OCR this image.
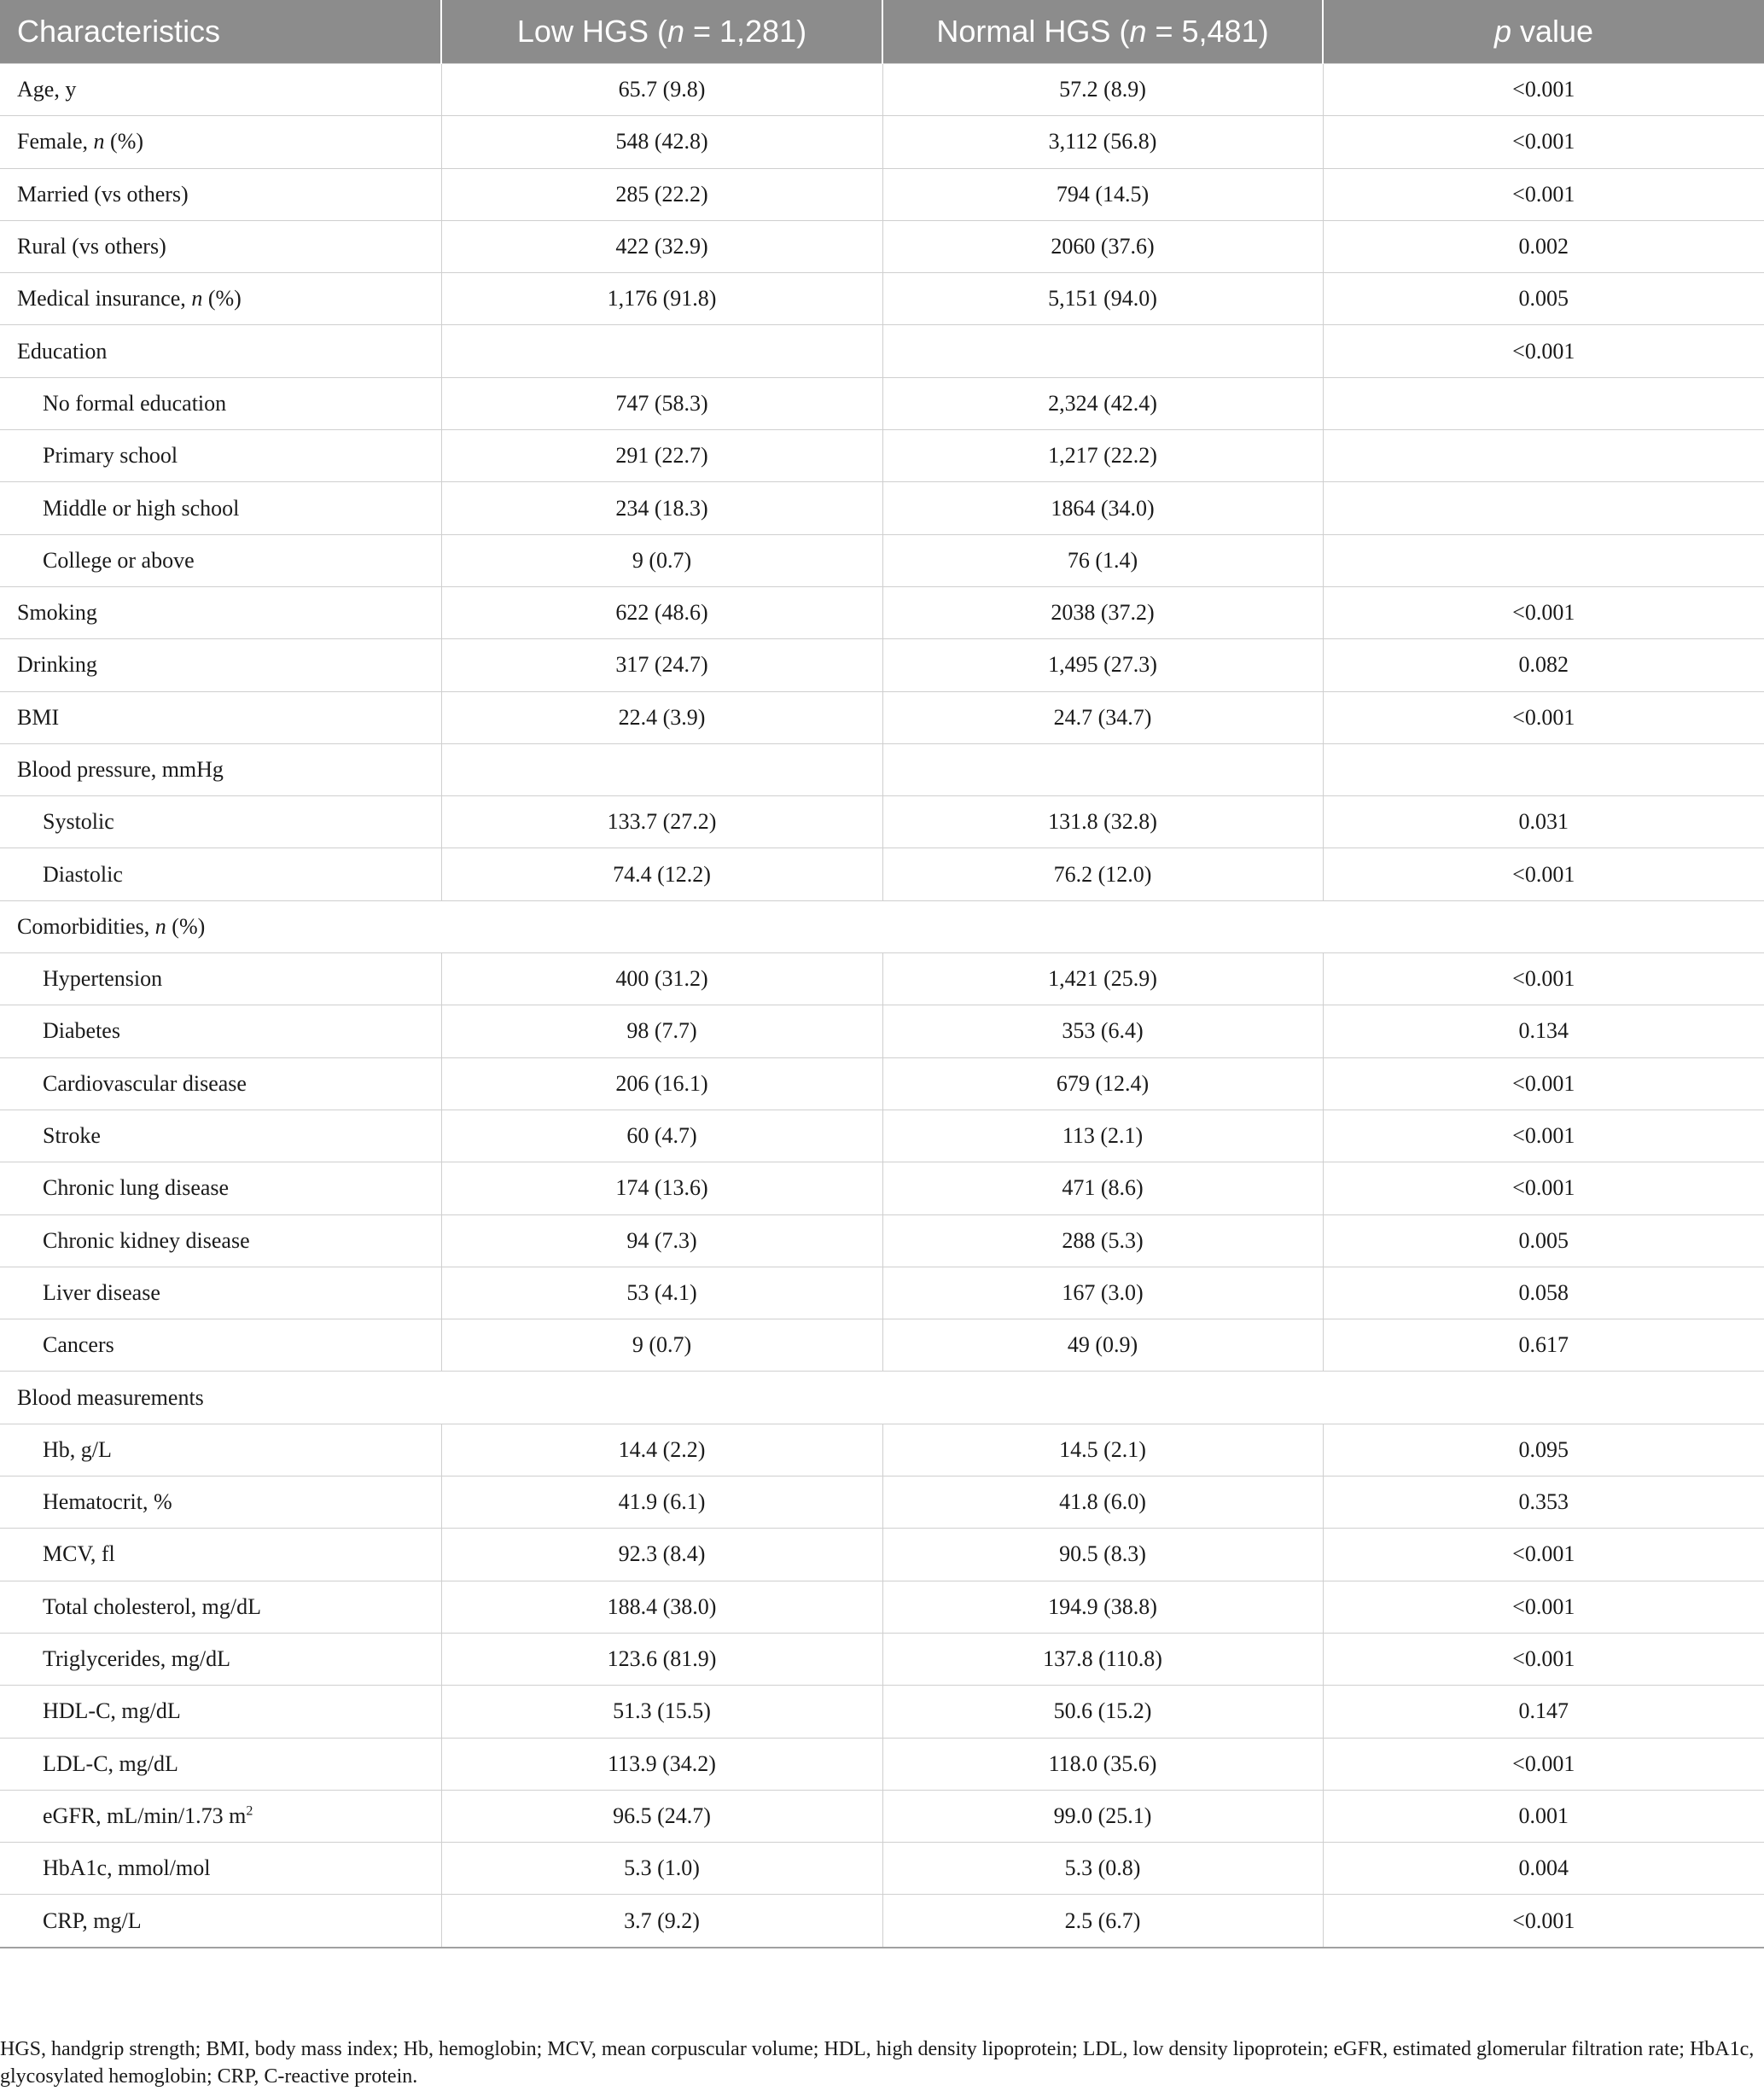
Characteristics	Low HGS (n = 1,281)	Normal HGS (n = 5,481)	p value
Age, y	65.7 (9.8)	57.2 (8.9)	<0.001
Female, n (%)	548 (42.8)	3,112 (56.8)	<0.001
Married (vs others)	285 (22.2)	794 (14.5)	<0.001
Rural (vs others)	422 (32.9)	2060 (37.6)	0.002
Medical insurance, n (%)	1,176 (91.8)	5,151 (94.0)	0.005
Education			<0.001
No formal education	747 (58.3)	2,324 (42.4)	
Primary school	291 (22.7)	1,217 (22.2)	
Middle or high school	234 (18.3)	1864 (34.0)	
College or above	9 (0.7)	76 (1.4)	
Smoking	622 (48.6)	2038 (37.2)	<0.001
Drinking	317 (24.7)	1,495 (27.3)	0.082
BMI	22.4 (3.9)	24.7 (34.7)	<0.001
Blood pressure, mmHg			
Systolic	133.7 (27.2)	131.8 (32.8)	0.031
Diastolic	74.4 (12.2)	76.2 (12.0)	<0.001
Comorbidities, n (%)			
Hypertension	400 (31.2)	1,421 (25.9)	<0.001
Diabetes	98 (7.7)	353 (6.4)	0.134
Cardiovascular disease	206 (16.1)	679 (12.4)	<0.001
Stroke	60 (4.7)	113 (2.1)	<0.001
Chronic lung disease	174 (13.6)	471 (8.6)	<0.001
Chronic kidney disease	94 (7.3)	288 (5.3)	0.005
Liver disease	53 (4.1)	167 (3.0)	0.058
Cancers	9 (0.7)	49 (0.9)	0.617
Blood measurements			
Hb, g/L	14.4 (2.2)	14.5 (2.1)	0.095
Hematocrit, %	41.9 (6.1)	41.8 (6.0)	0.353
MCV, fl	92.3 (8.4)	90.5 (8.3)	<0.001
Total cholesterol, mg/dL	188.4 (38.0)	194.9 (38.8)	<0.001
Triglycerides, mg/dL	123.6 (81.9)	137.8 (110.8)	<0.001
HDL-C, mg/dL	51.3 (15.5)	50.6 (15.2)	0.147
LDL-C, mg/dL	113.9 (34.2)	118.0 (35.6)	<0.001
eGFR, mL/min/1.73 $m^2$	96.5 (24.7)	99.0 (25.1)	0.001
HbA1c, mmol/mol	5.3 (1.0)	5.3 (0.8)	0.004
CRP, mg/L	3.7 (9.2)	2.5 (6.7)	<0.001

HGS, handgrip strength; BMI, body mass index; Hb, hemoglobin; MCV, mean corpuscular volume; HDL, high density lipoprotein; LDL, low density lipoprotein; eGFR, estimated glomerular filtration rate; HbA1c, glycosylated hemoglobin; CRP, C-reactive protein.
